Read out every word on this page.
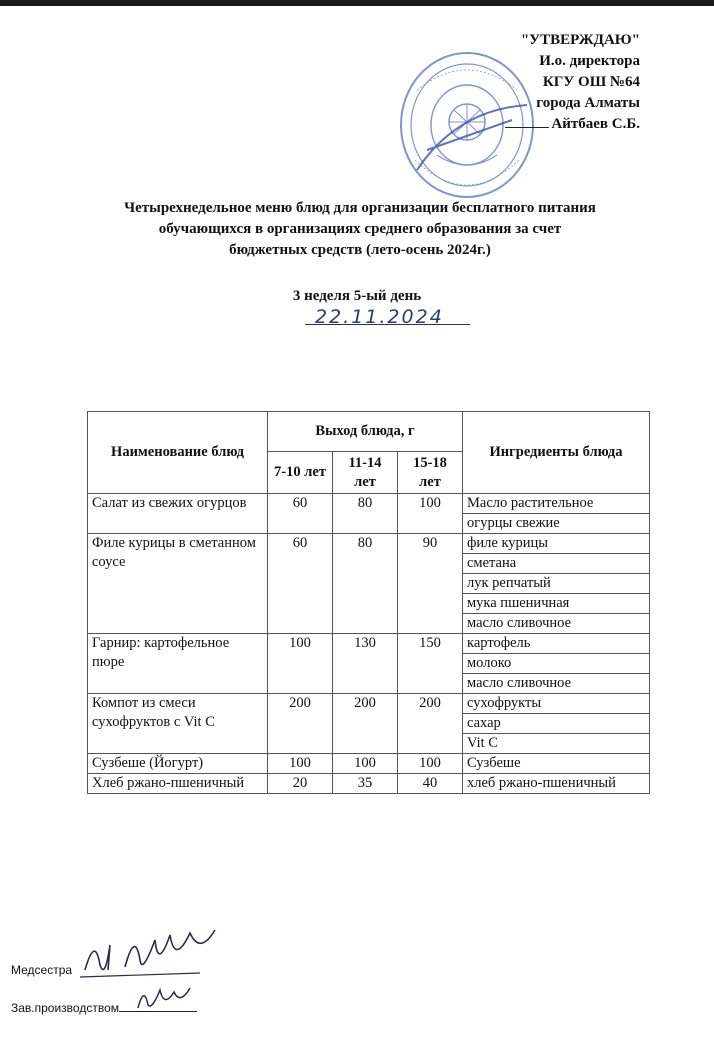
"УТВЕРЖДАЮ"
И.о. директора
КГУ ОШ №64
города Алматы
Айтбаев С.Б.
Четырехнедельное меню блюд для организации бесплатного питания
обучающихся в организациях среднего образования за счет
бюджетных средств (лето-осень 2024г.)
3 неделя 5-ый день
22.11.2024
Наименование блюд	Выход блюда, г			Ингредиенты блюда
	7-10 лет	11-14 лет	15-18 лет	
Салат из свежих огурцов	60	80	100	Масло растительное
				огурцы свежие
Филе курицы в сметанном соусе	60	80	90	филе курицы
				сметана
				лук репчатый
				мука пшеничная
				масло сливочное
Гарнир: картофельное пюре	100	130	150	картофель
				молоко
				масло сливочное
Компот из смеси сухофруктов с Vit C	200	200	200	сухофрукты
				сахар
				Vit C
Сузбеше (Йогурт)	100	100	100	Сузбеше
Хлеб ржано-пшеничный	20	35	40	хлеб ржано-пшеничный
Медсестра
Зав.производством
